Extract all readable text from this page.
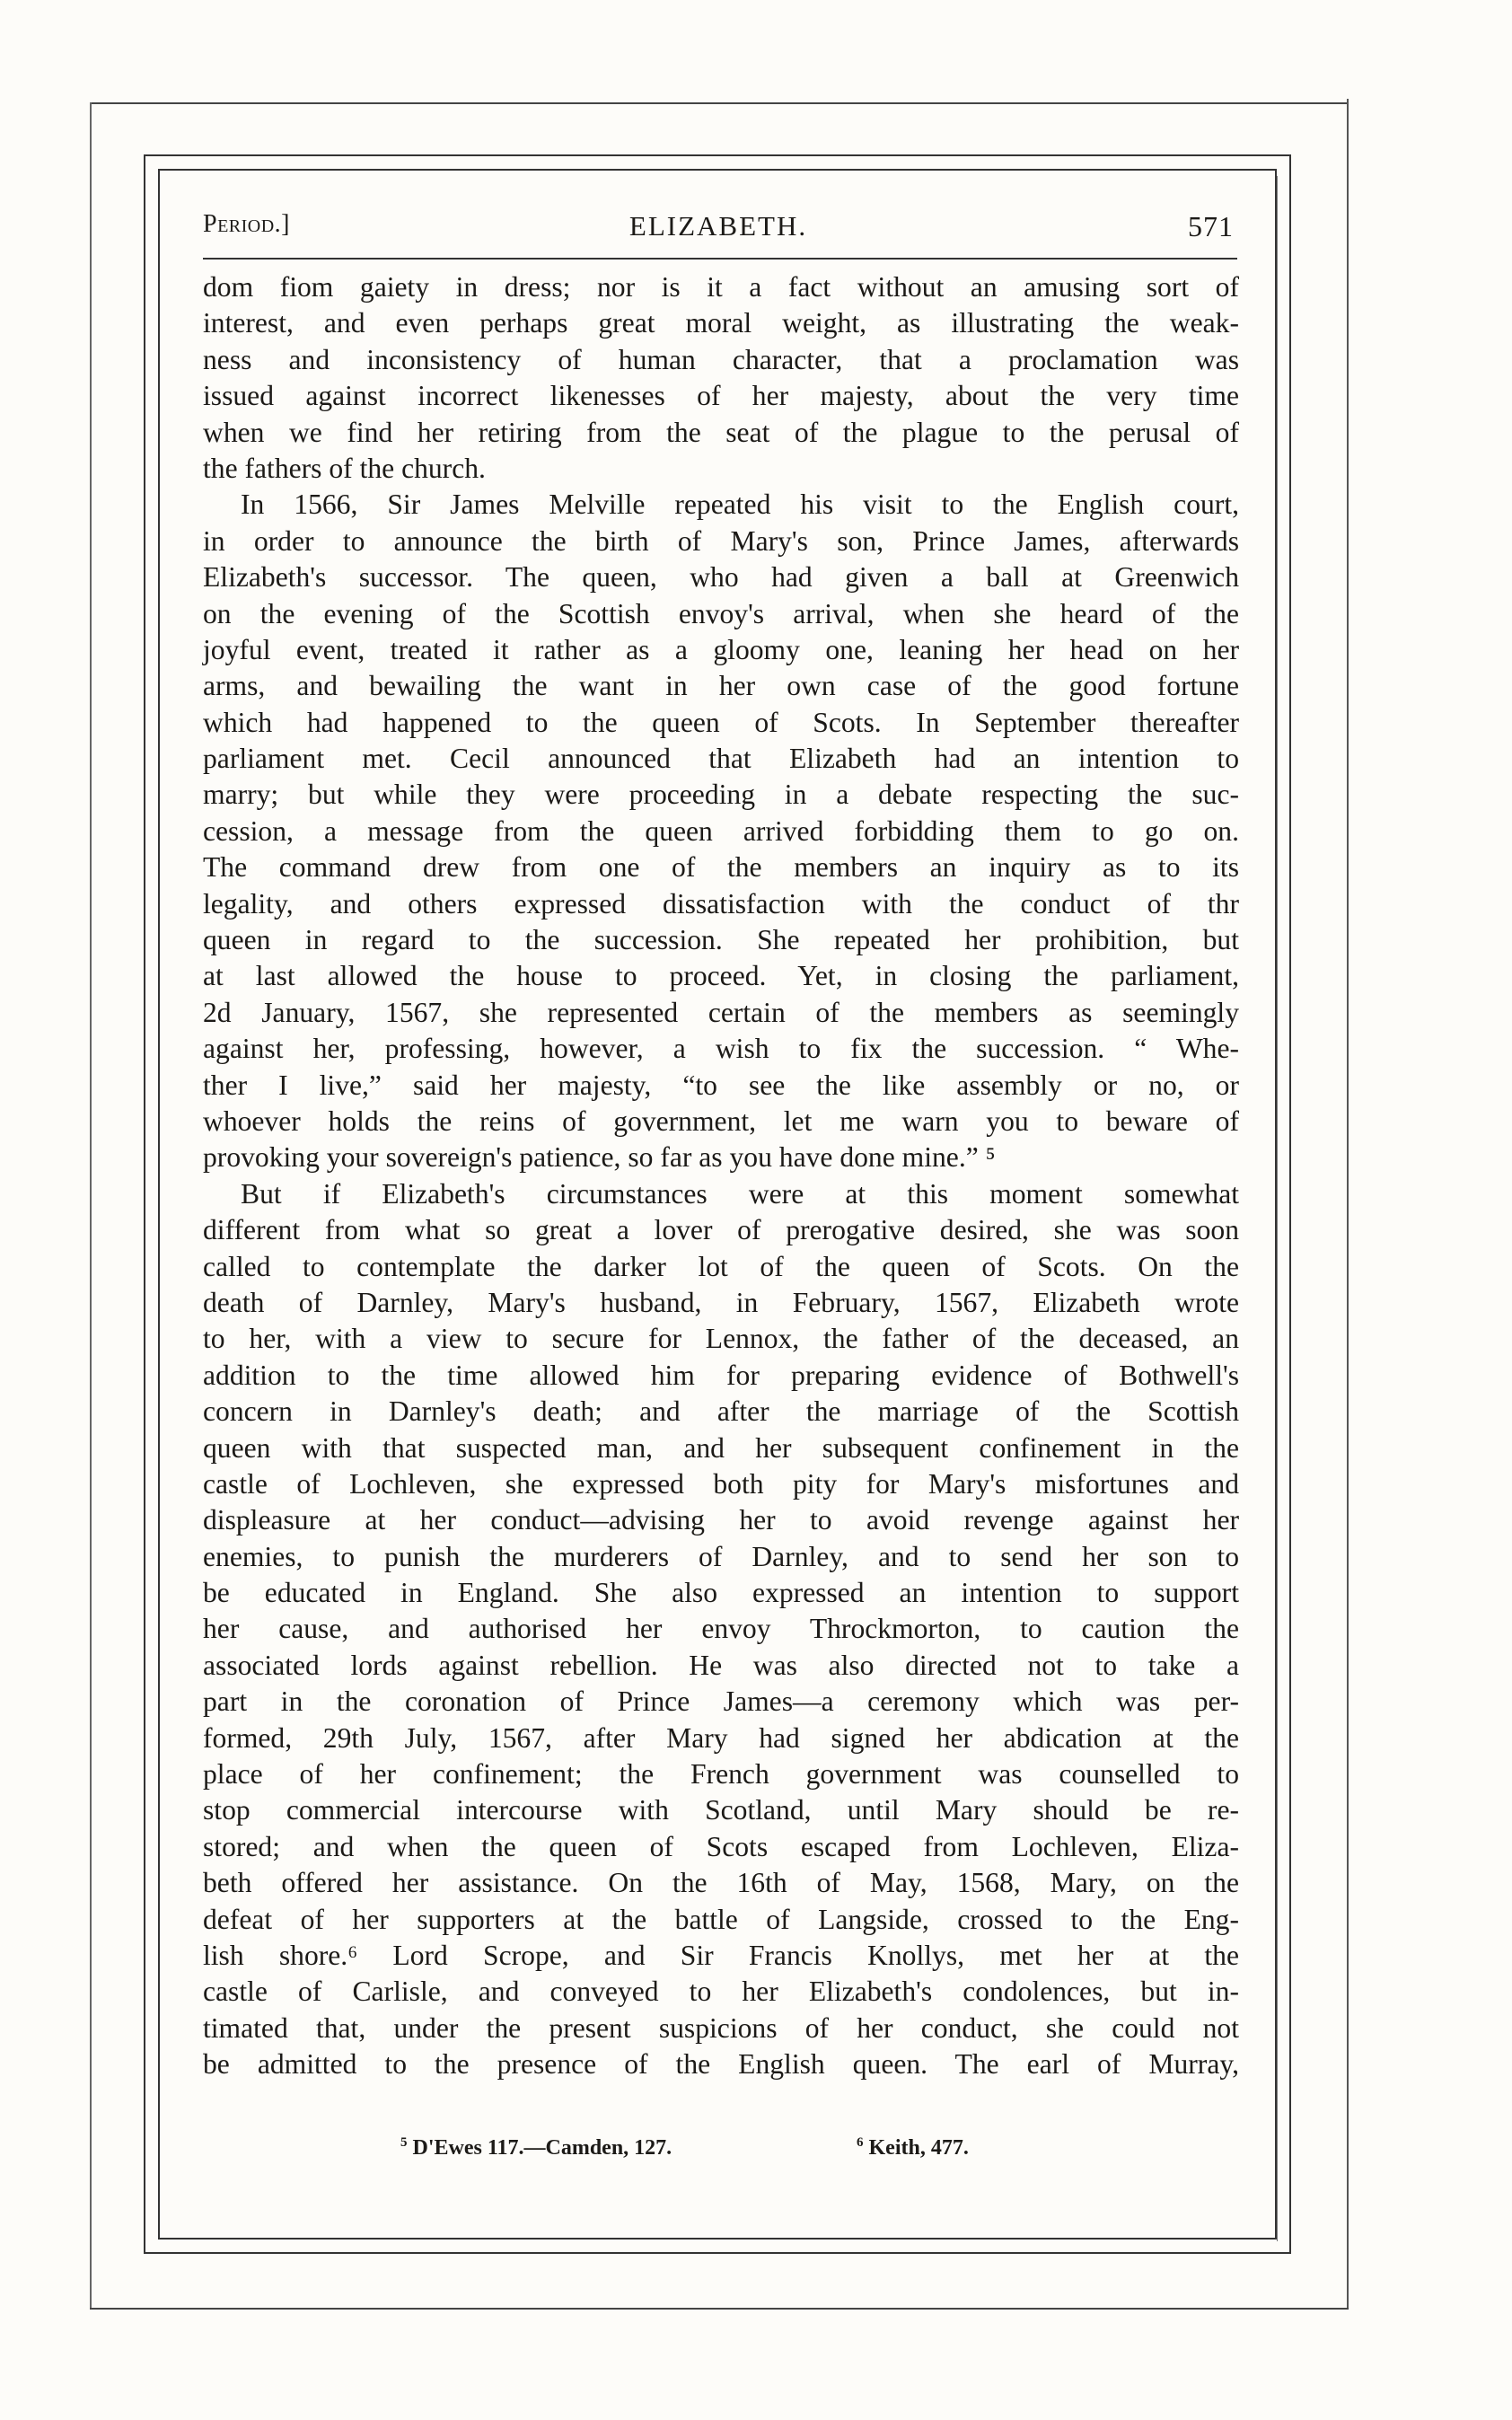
Period.]	ELIZABETH.	571
dom fiom gaiety in dress; nor is it a fact without an amusing sort of
interest, and even perhaps great moral weight, as illustrating the weak-
ness and inconsistency of human character, that a proclamation was
issued against incorrect likenesses of her majesty, about the very time
when we find her retiring from the seat of the plague to the perusal of
the fathers of the church.
In 1566, Sir James Melville repeated his visit to the English court,
in order to announce the birth of Mary's son, Prince James, afterwards
Elizabeth's successor. The queen, who had given a ball at Greenwich
on the evening of the Scottish envoy's arrival, when she heard of the
joyful event, treated it rather as a gloomy one, leaning her head on her
arms, and bewailing the want in her own case of the good fortune
which had happened to the queen of Scots. In September thereafter
parliament met. Cecil announced that Elizabeth had an intention to
marry; but while they were proceeding in a debate respecting the suc-
cession, a message from the queen arrived forbidding them to go on.
The command drew from one of the members an inquiry as to its
legality, and others expressed dissatisfaction with the conduct of thr
queen in regard to the succession. She repeated her prohibition, but
at last allowed the house to proceed. Yet, in closing the parliament,
2d January, 1567, she represented certain of the members as seemingly
against her, professing, however, a wish to fix the succession. “ Whe-
ther I live,” said her majesty, “to see the like assembly or no, or
whoever holds the reins of government, let me warn you to beware of
provoking your sovereign's patience, so far as you have done mine.” ⁵
But if Elizabeth's circumstances were at this moment somewhat
different from what so great a lover of prerogative desired, she was soon
called to contemplate the darker lot of the queen of Scots. On the
death of Darnley, Mary's husband, in February, 1567, Elizabeth wrote
to her, with a view to secure for Lennox, the father of the deceased, an
addition to the time allowed him for preparing evidence of Bothwell's
concern in Darnley's death; and after the marriage of the Scottish
queen with that suspected man, and her subsequent confinement in the
castle of Lochleven, she expressed both pity for Mary's misfortunes and
displeasure at her conduct—advising her to avoid revenge against her
enemies, to punish the murderers of Darnley, and to send her son to
be educated in England. She also expressed an intention to support
her cause, and authorised her envoy Throckmorton, to caution the
associated lords against rebellion. He was also directed not to take a
part in the coronation of Prince James—a ceremony which was per-
formed, 29th July, 1567, after Mary had signed her abdication at the
place of her confinement; the French government was counselled to
stop commercial intercourse with Scotland, until Mary should be re-
stored; and when the queen of Scots escaped from Lochleven, Eliza-
beth offered her assistance. On the 16th of May, 1568, Mary, on the
defeat of her supporters at the battle of Langside, crossed to the Eng-
lish shore.⁶ Lord Scrope, and Sir Francis Knollys, met her at the
castle of Carlisle, and conveyed to her Elizabeth's condolences, but in-
timated that, under the present suspicions of her conduct, she could not
be admitted to the presence of the English queen. The earl of Murray,
$^5$ D'Ewes 117.—Camden, 127.	$^6$ Keith, 477.
